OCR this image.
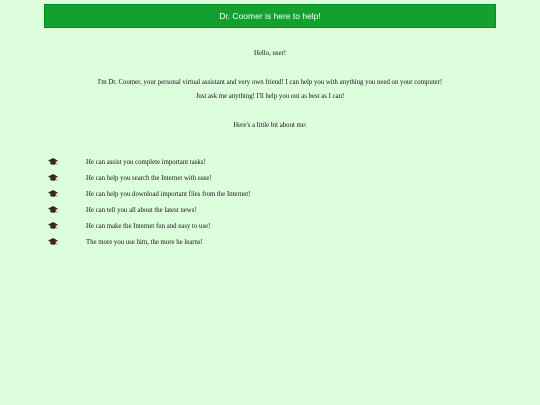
Dr. Coomer is here to help!
Hello, user!
I'm Dr. Coomer, your personal virtual assistant and very own friend! I can help you with anything you need on your computer!
Just ask me anything! I'll help you out as best as I can!
Here's a little bit about me:
He can assist you complete important tasks!
He can help you search the Internet with ease!
He can help you download important files from the Internet!
He can tell you all about the latest news!
He can make the Internet fun and easy to use!
The more you use him, the more he learns!
